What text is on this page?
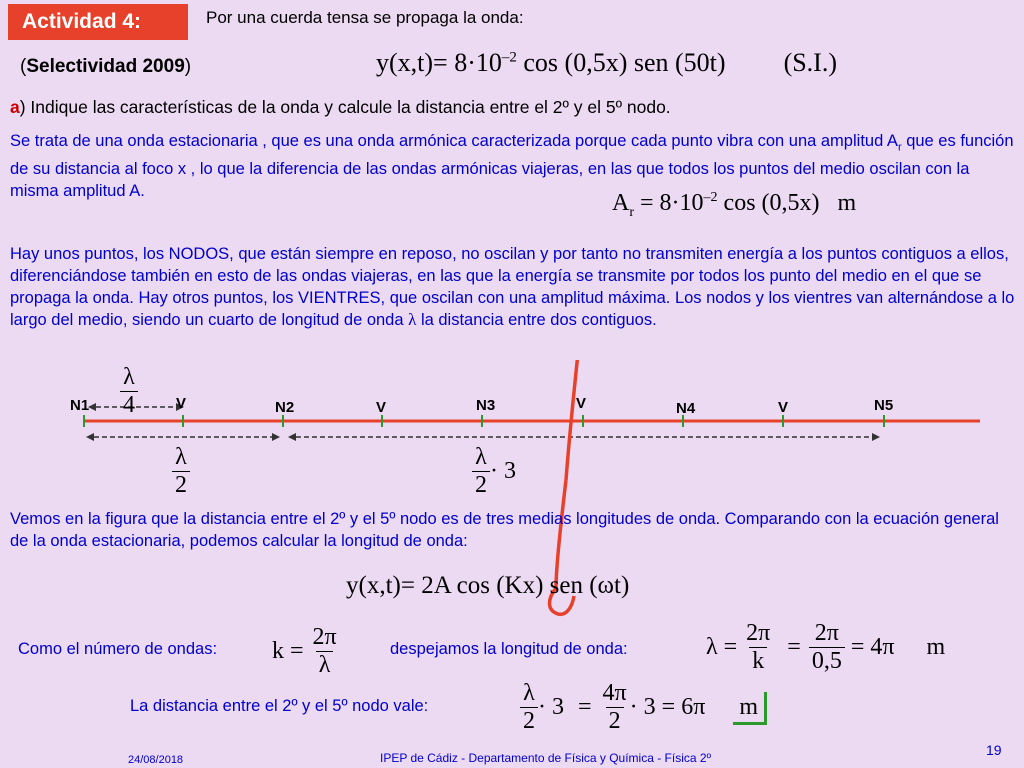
Actividad 4:	Por una cuerda tensa se propaga la onda:
(Selectividad 2009)	$y(x,t)= 8\cdot 10^{-2}$ cos (0,5x) sen (50t) (S.I.)
a) Indique las características de la onda y calcule la distancia entre el 2º y el 5º nodo.
Se trata de una onda estacionaria , que es una onda armónica caracterizada porque cada punto vibra con una amplitud $A_r$ que es función de su distancia al foco x , lo que la diferencia de las ondas armónicas viajeras, en las que todos los puntos del medio oscilan con la misma amplitud A.	$A_r = 8\cdot 10^{-2}$ cos (0,5x)   m
Hay unos puntos, los NODOS, que están siempre en reposo, no oscilan y por tanto no transmiten energía a los puntos contiguos a ellos, diferenciándose también en esto de las ondas viajeras, en las que la energía se transmite por todos los punto del medio en el que se propaga la onda. Hay otros puntos, los VIENTRES, que oscilan con una amplitud máxima. Los nodos y los vientres van alternándose a lo largo del medio, siendo un cuarto de longitud de onda λ la distancia entre dos contiguos.
N1	N2	N3	N4	N5
V	V	V	V
$\frac{\lambda}{4}$
$\frac{\lambda}{2}$	$\frac{\lambda}{2} \cdot 3$
Vemos en la figura que la distancia entre el 2º y el 5º nodo es de tres medias longitudes de onda. Comparando con la ecuación general de la onda estacionaria, podemos calcular la longitud de onda:
y(x,t)= 2A cos (Kx) sen (ωt)
Como el número de ondas: $k = \frac{2\pi}{\lambda}$	despejamos la longitud de onda:	$\lambda = \frac{2\pi}{k} = \frac{2\pi}{0,5} = 4\pi$ m
La distancia entre el 2º y el 5º nodo vale:	$\frac{\lambda}{2} \cdot 3 = \frac{4\pi}{2} \cdot 3 = 6\pi$ m
24/08/2018	IPEP de Cádiz - Departamento de Física y Química - Física 2º	19
